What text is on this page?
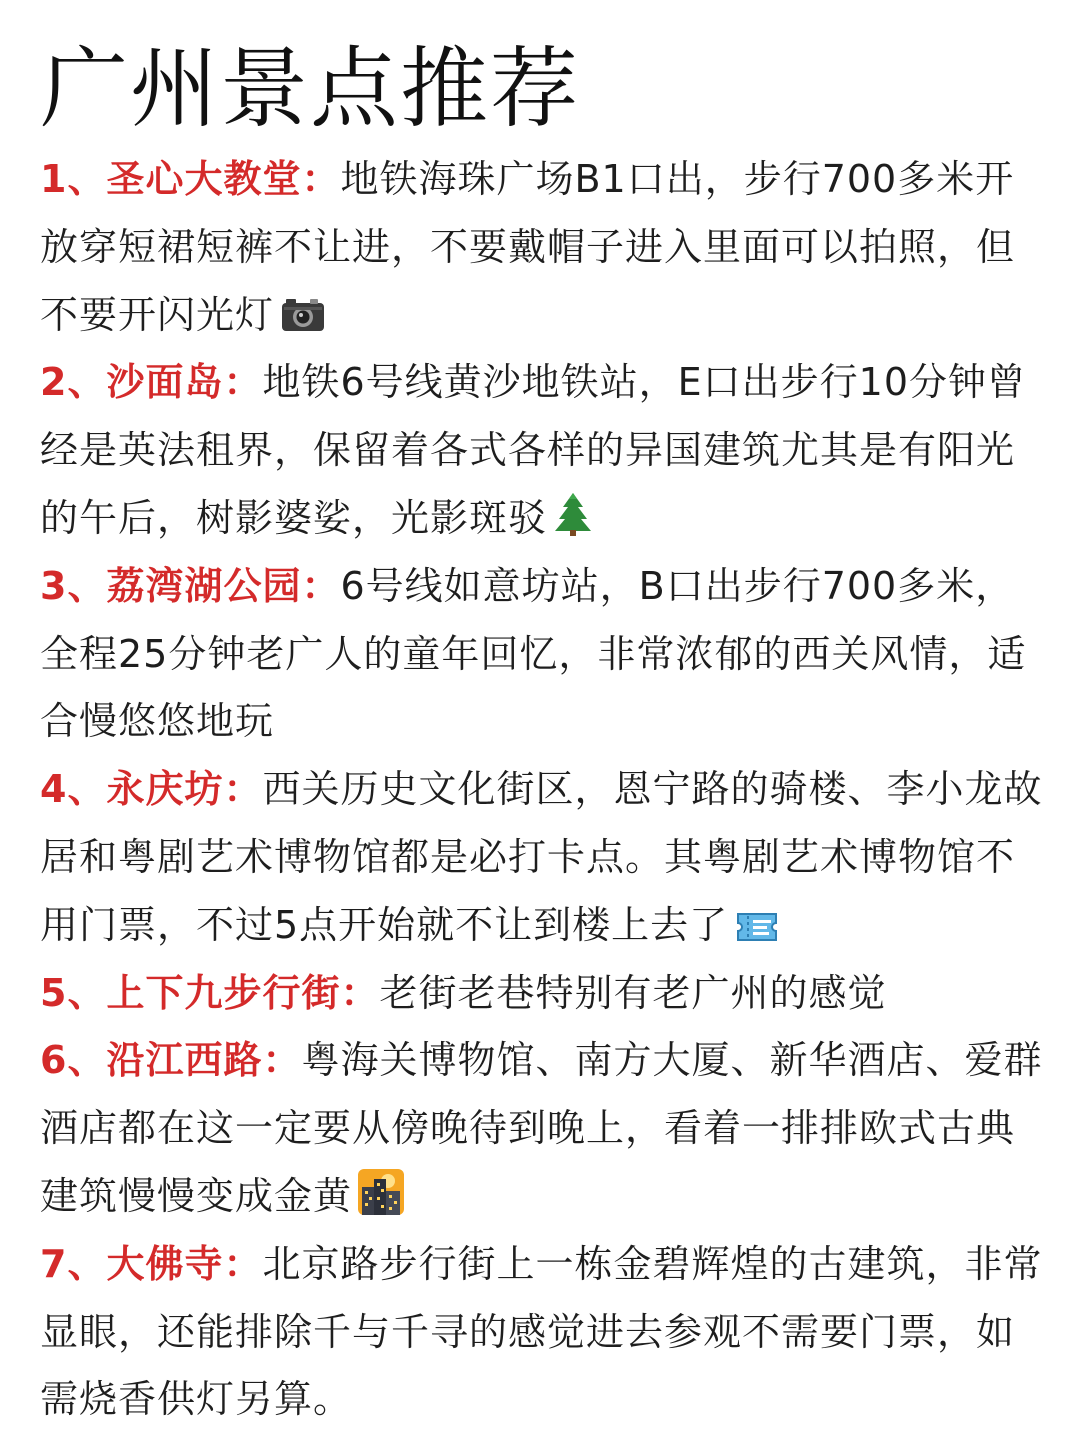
广州景点推荐

1、圣心大教堂：地铁海珠广场B1口出，步行700多米开放穿短裙短裤不让进，不要戴帽子进入里面可以拍照，但不要开闪光灯

2、沙面岛：地铁6号线黄沙地铁站，E口出步行10分钟曾经是英法租界，保留着各式各样的异国建筑尤其是有阳光的午后，树影婆娑，光影斑驳

3、荔湾湖公园：6号线如意坊站，B口出步行700多米，全程25分钟老广人的童年回忆，非常浓郁的西关风情，适合慢悠悠地玩

4、永庆坊：西关历史文化街区，恩宁路的骑楼、李小龙故居和粤剧艺术博物馆都是必打卡点。其粤剧艺术博物馆不用门票，不过5点开始就不让到楼上去了

5、上下九步行街：老街老巷特别有老广州的感觉

6、沿江西路：粤海关博物馆、南方大厦、新华酒店、爱群酒店都在这一定要从傍晚待到晚上，看着一排排欧式古典建筑慢慢变成金黄

7、大佛寺：北京路步行街上一栋金碧辉煌的古建筑，非常显眼，还能排除千与千寻的感觉进去参观不需要门票，如需烧香供灯另算。
